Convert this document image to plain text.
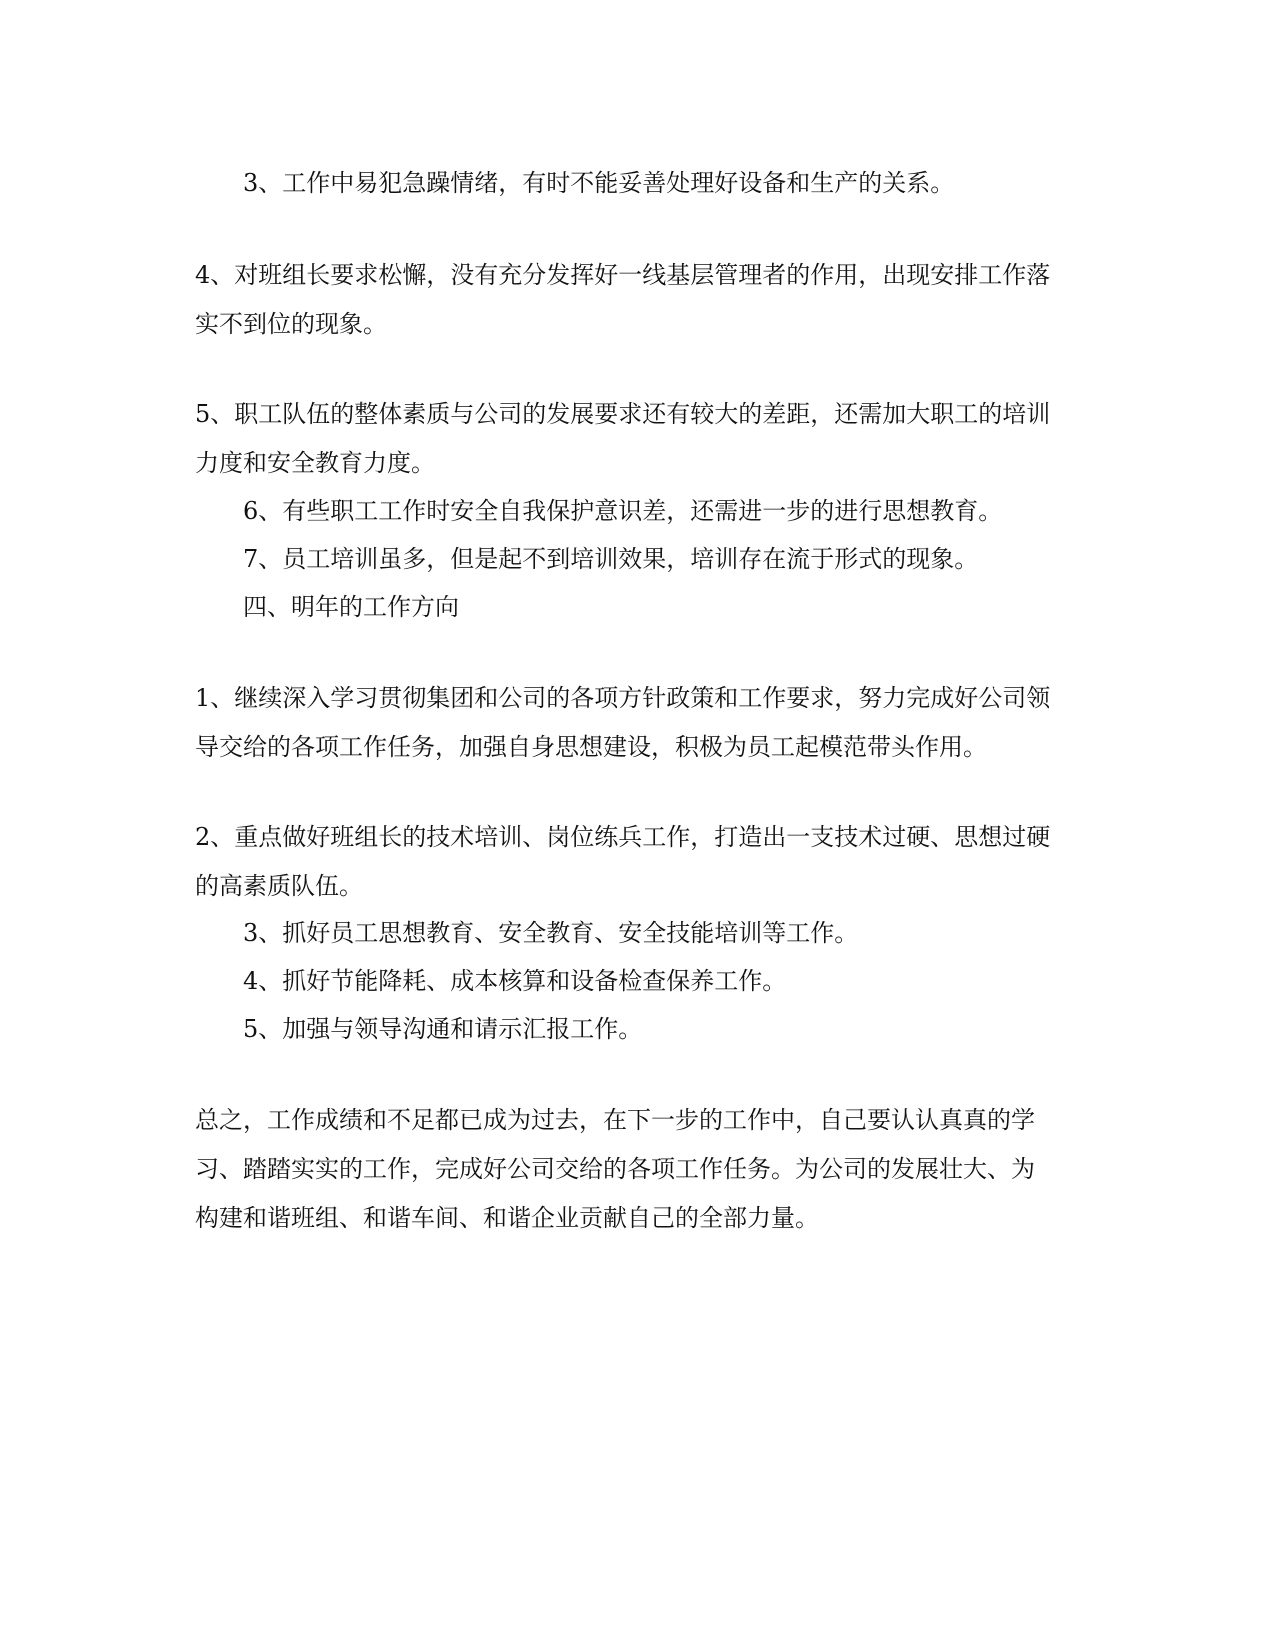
3、工作中易犯急躁情绪，有时不能妥善处理好设备和生产的关系。

4、对班组长要求松懈，没有充分发挥好一线基层管理者的作用，出现安排工作落
实不到位的现象。

5、职工队伍的整体素质与公司的发展要求还有较大的差距，还需加大职工的培训
力度和安全教育力度。

6、有些职工工作时安全自我保护意识差，还需进一步的进行思想教育。

7、员工培训虽多，但是起不到培训效果，培训存在流于形式的现象。

四、明年的工作方向

1、继续深入学习贯彻集团和公司的各项方针政策和工作要求，努力完成好公司领
导交给的各项工作任务，加强自身思想建设，积极为员工起模范带头作用。

2、重点做好班组长的技术培训、岗位练兵工作，打造出一支技术过硬、思想过硬
的高素质队伍。

3、抓好员工思想教育、安全教育、安全技能培训等工作。

4、抓好节能降耗、成本核算和设备检查保养工作。

5、加强与领导沟通和请示汇报工作。

总之，工作成绩和不足都已成为过去，在下一步的工作中，自己要认认真真的学
习、踏踏实实的工作，完成好公司交给的各项工作任务。为公司的发展壮大、为
构建和谐班组、和谐车间、和谐企业贡献自己的全部力量。
